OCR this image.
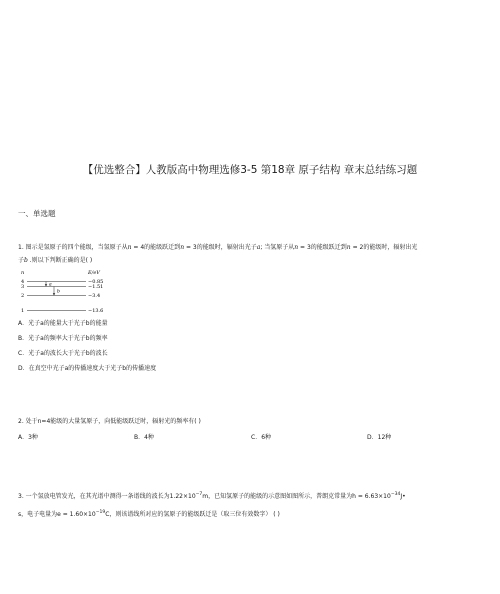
【优选整合】人教版高中物理选修3-5 第18章 原子结构 章末总结练习题
一、单选题
1. 图示是氢原子的四个能级，当氢原子从n = 4的能级跃迁到n = 3的能级时，辐射出光子a; 当氢原子从n = 3的能级跃迁到n = 2的能级时，辐射出光
子b .则以下判断正确的是( )
n	E/eV
4	−0.85
3	−1.51
2	−3.4
1	−13.6
a
b
A．光子a的能量大于光子b的能量
B．光子a的频率大于光子b的频率
C．光子a的波长大于光子b的波长
D．在真空中光子a的传播速度大于光子b的传播速度
2. 处于n=4能级的大量氢原子，向低能级跃迁时，辐射光的频率有( )
A．3种	B．4种	C．6种	D．12种
3. 一个氢放电管发光，在其光谱中测得一条谱线的波长为$1.22\times 10^{-7}m$，已知氢原子的能级的示意图如图所示，普朗克常量为$h = 6.63\times 10^{-34}J•$
s，电子电量为$e = 1.60\times 10^{-19}C$，则该谱线所对应的氢原子的能级跃迁是（取三位有效数字） ( )
